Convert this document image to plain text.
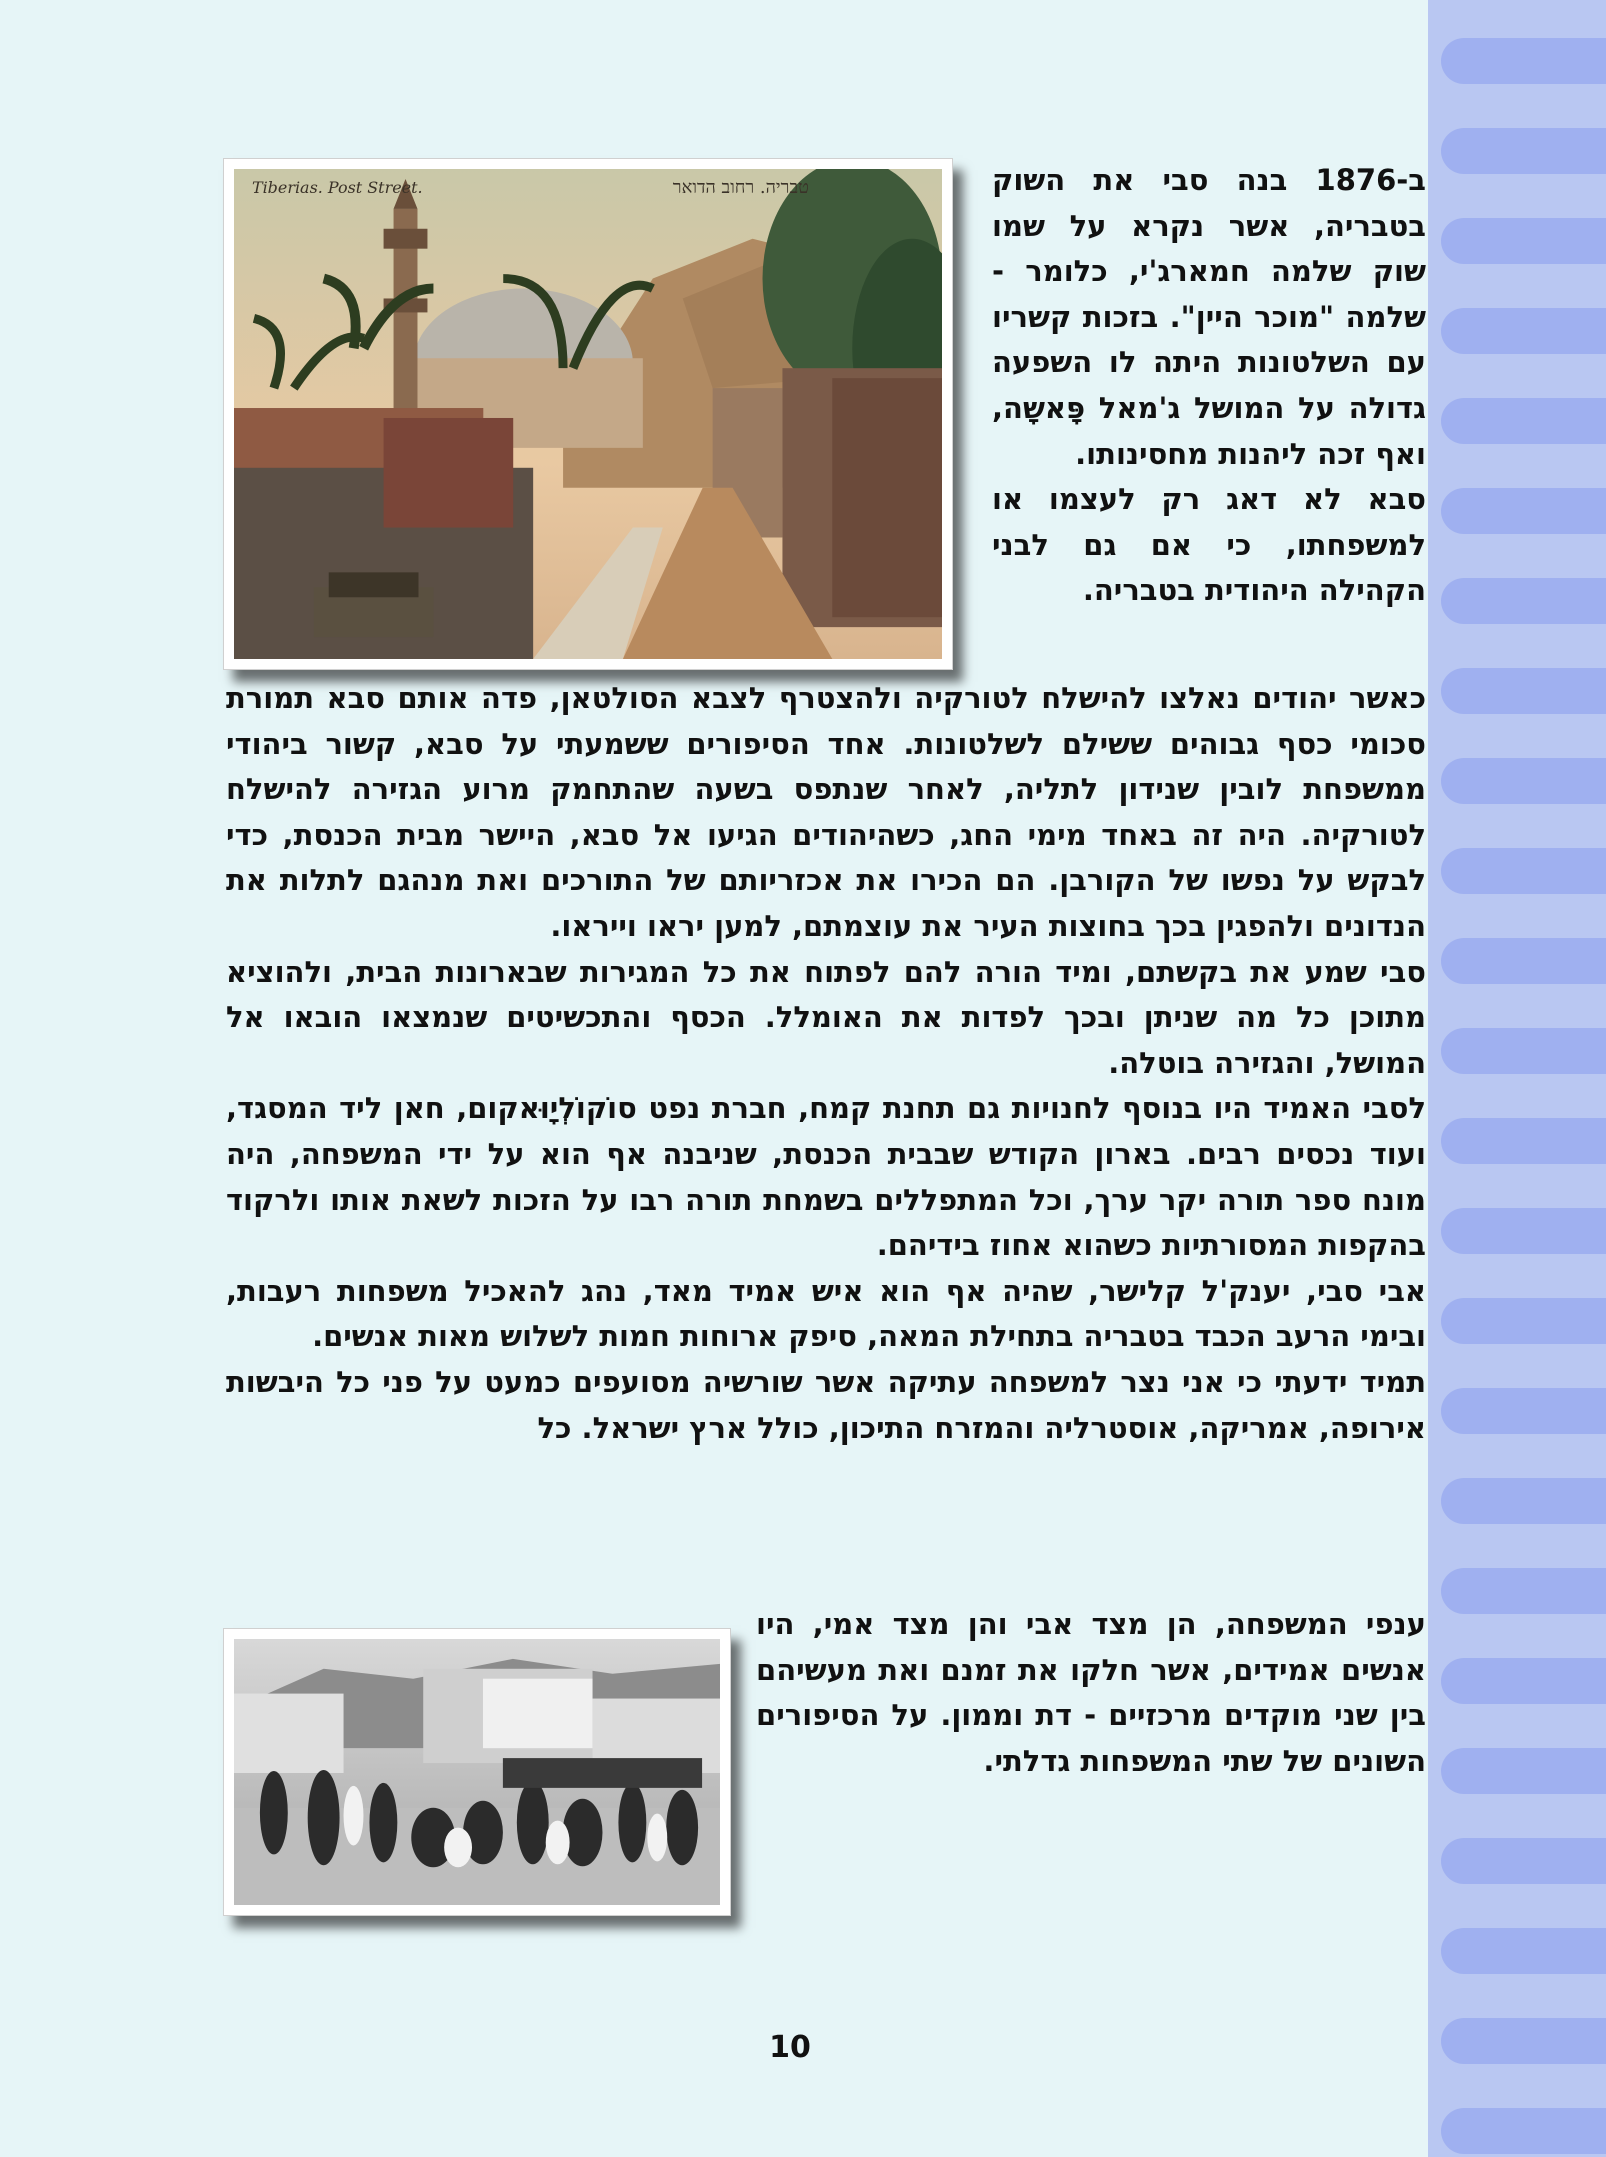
Tiberias. Post Street.	טבריה. רחוב הדואר	ב-1876 בנה סבי את השוק בטבריה, אשר נקרא על שמו שוק שלמה חמארג'י, כלומר - שלמה "מוכר היין". בזכות קשריו עם השלטונות היתה לו השפעה גדולה על המושל ג'מאל פָּאשָה, ואף זכה ליהנות מחסינותו.

סבא לא דאג רק לעצמו או למשפחתו, כי אם גם לבני הקהילה היהודית בטבריה.

כאשר יהודים נאלצו להישלח לטורקיה ולהצטרף לצבא הסולטאן, פדה אותם סבא תמורת סכומי כסף גבוהים ששילם לשלטונות. אחד הסיפורים ששמעתי על סבא, קשור ביהודי ממשפחת לובין שנידון לתליה, לאחר שנתפס בשעה שהתחמק מרוע הגזירה להישלח לטורקיה. היה זה באחד מימי החג, כשהיהודים הגיעו אל סבא, היישר מבית הכנסת, כדי לבקש על נפשו של הקורבן. הם הכירו את אכזריותם של התורכים ואת מנהגם לתלות את הנדונים ולהפגין בכך בחוצות העיר את עוצמתם, למען יראו וייראו.

סבי שמע את בקשתם, ומיד הורה להם לפתוח את כל המגירות שבארונות הבית, ולהוציא מתוכן כל מה שניתן ובכך לפדות את האומלל. הכסף והתכשיטים שנמצאו הובאו אל המושל, והגזירה בוטלה.

לסבי האמיד היו בנוסף לחנויות גם תחנת קמח, חברת נפט סוֹקוֹלְיָוּאקום, חאן ליד המסגד, ועוד נכסים רבים. בארון הקודש שבבית הכנסת, שניבנה אף הוא על ידי המשפחה, היה מונח ספר תורה יקר ערך, וכל המתפללים בשמחת תורה רבו על הזכות לשאת אותו ולרקוד בהקפות המסורתיות כשהוא אחוז בידיהם.

אבי סבי, יענק'ל קלישר, שהיה אף הוא איש אמיד מאד, נהג להאכיל משפחות רעבות, ובימי הרעב הכבד בטבריה בתחילת המאה, סיפק ארוחות חמות לשלוש מאות אנשים.

תמיד ידעתי כי אני נצר למשפחה עתיקה אשר שורשיה מסועפים כמעט על פני כל היבשות אירופה, אמריקה, אוסטרליה והמזרח התיכון, כולל ארץ ישראל. כל

ענפי המשפחה, הן מצד אבי והן מצד אמי, היו אנשים אמידים, אשר חלקו את זמנם ואת מעשיהם בין שני מוקדים מרכזיים - דת וממון. על הסיפורים השונים של שתי המשפחות גדלתי.

10
